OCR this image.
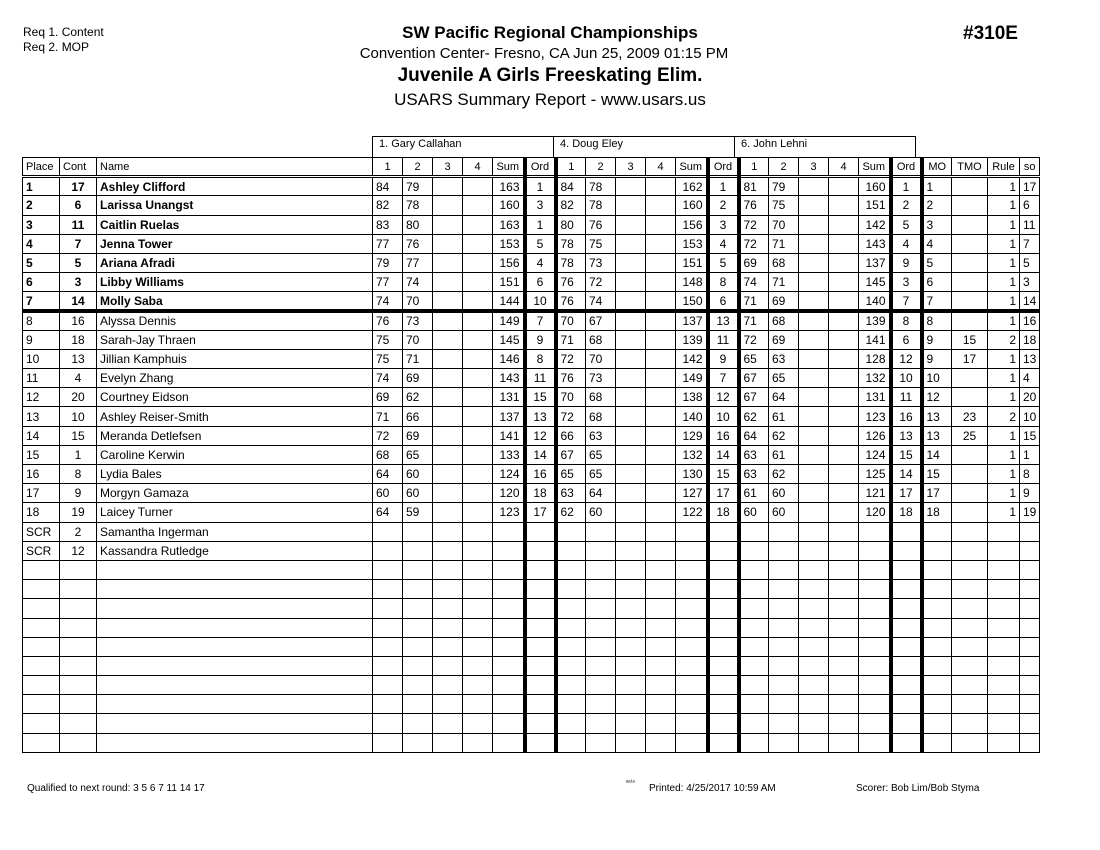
Req 1. Content
Req 2. MOP
SW Pacific Regional Championships
Convention Center- Fresno, CA Jun 25, 2009 01:15 PM
Juvenile A Girls Freeskating Elim.
USARS Summary Report - www.usars.us
#310E
1. Gary Callahan	4. Doug Eley	6. John Lehni
Place	Cont	Name	1	2	3	4	Sum	Ord	1	2	3	4	Sum	Ord	1	2	3	4	Sum	Ord	MO	TMO	Rule	so
1	17	Ashley Clifford	84	79			163	1	84	78			162	1	81	79			160	1	1		1	17
2	6	Larissa Unangst	82	78			160	3	82	78			160	2	76	75			151	2	2		1	6
3	11	Caitlin Ruelas	83	80			163	1	80	76			156	3	72	70			142	5	3		1	11
4	7	Jenna Tower	77	76			153	5	78	75			153	4	72	71			143	4	4		1	7
5	5	Ariana Afradi	79	77			156	4	78	73			151	5	69	68			137	9	5		1	5
6	3	Libby Williams	77	74			151	6	76	72			148	8	74	71			145	3	6		1	3
7	14	Molly Saba	74	70			144	10	76	74			150	6	71	69			140	7	7		1	14
8	16	Alyssa Dennis	76	73			149	7	70	67			137	13	71	68			139	8	8		1	16
9	18	Sarah-Jay Thraen	75	70			145	9	71	68			139	11	72	69			141	6	9	15	2	18
10	13	Jillian Kamphuis	75	71			146	8	72	70			142	9	65	63			128	12	9	17	1	13
11	4	Evelyn Zhang	74	69			143	11	76	73			149	7	67	65			132	10	10		1	4
12	20	Courtney Eidson	69	62			131	15	70	68			138	12	67	64			131	11	12		1	20
13	10	Ashley Reiser-Smith	71	66			137	13	72	68			140	10	62	61			123	16	13	23	2	10
14	15	Meranda Detlefsen	72	69			141	12	66	63			129	16	64	62			126	13	13	25	1	15
15	1	Caroline Kerwin	68	65			133	14	67	65			132	14	63	61			124	15	14		1	1
16	8	Lydia Bales	64	60			124	16	65	65			130	15	63	62			125	14	15		1	8
17	9	Morgyn Gamaza	60	60			120	18	63	64			127	17	61	60			121	17	17		1	9
18	19	Laicey Turner	64	59			123	17	62	60			122	18	60	60			120	18	18		1	19
SCR	2	Samantha Ingerman																						
SCR	12	Kassandra Rutledge																						

Qualified to next round: 3 5 6 7 11 14 17	ᵃᵃ¹ᵃ Printed: 4/25/2017 10:59 AM	Scorer: Bob Lim/Bob Styma
